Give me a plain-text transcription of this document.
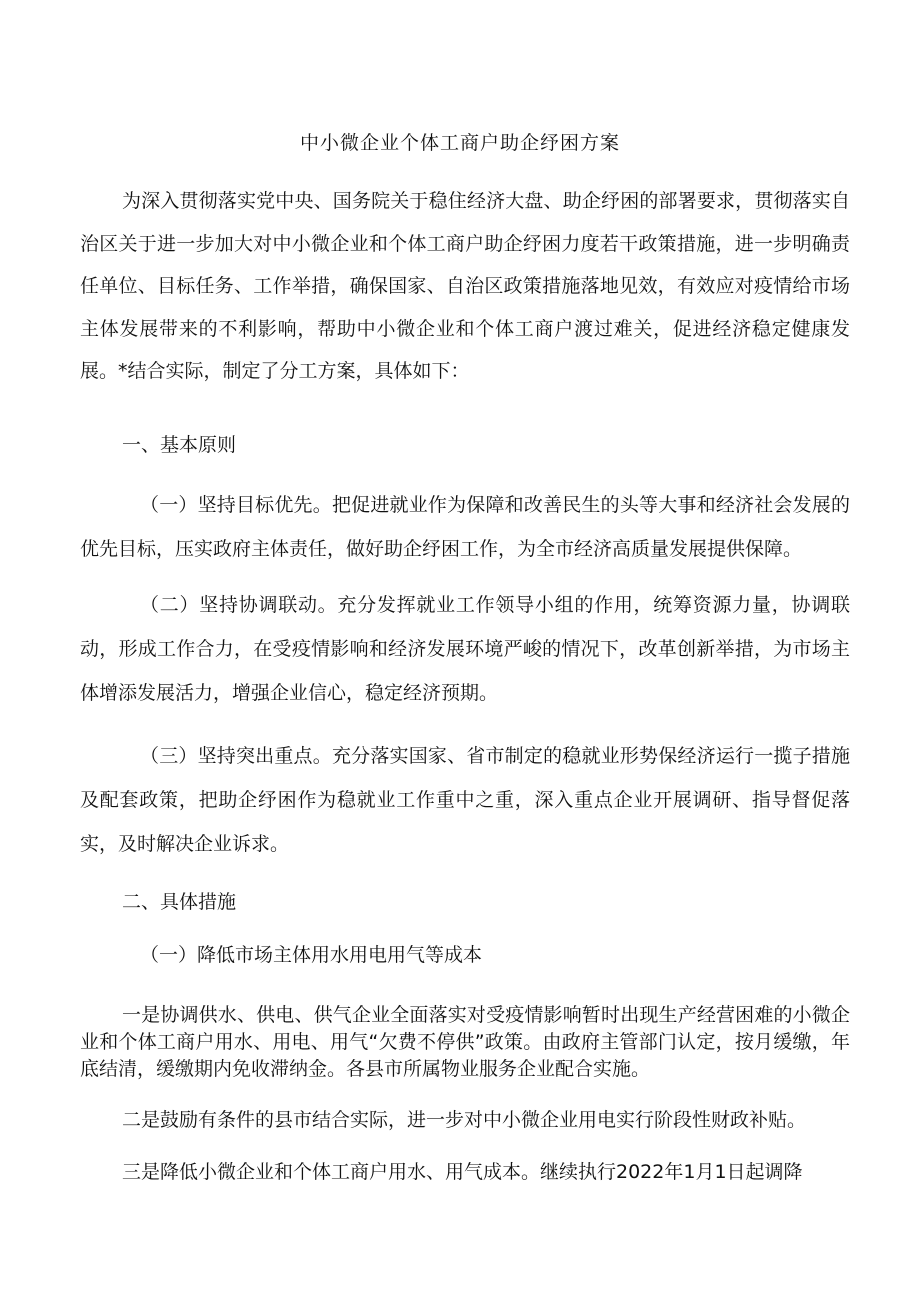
中小微企业个体工商户助企纾困方案
为深入贯彻落实党中央、国务院关于稳住经济大盘、助企纾困的部署要求，贯彻落实自治区关于进一步加大对中小微企业和个体工商户助企纾困力度若干政策措施，进一步明确责任单位、目标任务、工作举措，确保国家、自治区政策措施落地见效，有效应对疫情给市场主体发展带来的不利影响，帮助中小微企业和个体工商户渡过难关，促进经济稳定健康发展。*结合实际，制定了分工方案，具体如下：
一、基本原则
（一）坚持目标优先。把促进就业作为保障和改善民生的头等大事和经济社会发展的优先目标，压实政府主体责任，做好助企纾困工作，为全市经济高质量发展提供保障。
（二）坚持协调联动。充分发挥就业工作领导小组的作用，统筹资源力量，协调联动，形成工作合力，在受疫情影响和经济发展环境严峻的情况下，改革创新举措，为市场主体增添发展活力，增强企业信心，稳定经济预期。
（三）坚持突出重点。充分落实国家、省市制定的稳就业形势保经济运行一揽子措施及配套政策，把助企纾困作为稳就业工作重中之重，深入重点企业开展调研、指导督促落实，及时解决企业诉求。
二、具体措施
（一）降低市场主体用水用电用气等成本
一是协调供水、供电、供气企业全面落实对受疫情影响暂时出现生产经营困难的小微企业和个体工商户用水、用电、用气“欠费不停供”政策。由政府主管部门认定，按月缓缴，年底结清，缓缴期内免收滞纳金。各县市所属物业服务企业配合实施。
二是鼓励有条件的县市结合实际，进一步对中小微企业用电实行阶段性财政补贴。
三是降低小微企业和个体工商户用水、用气成本。继续执行2022年1月1日起调降
